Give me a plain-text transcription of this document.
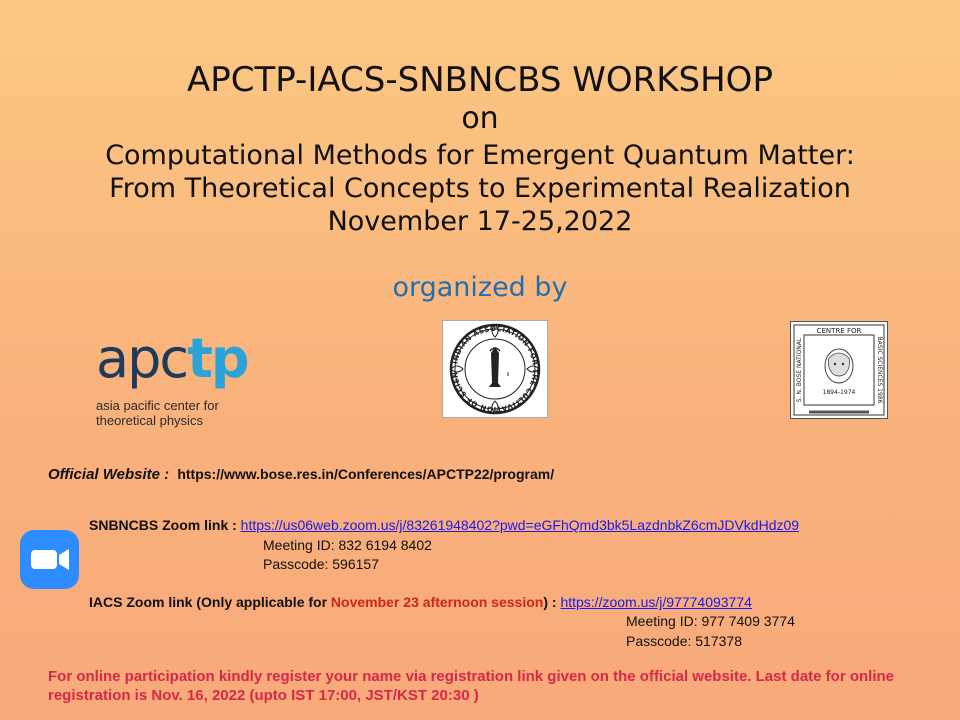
APCTP-IACS-SNBNCBS WORKSHOP
on
Computational Methods for Emergent Quantum Matter:
From Theoretical Concepts to Experimental Realization
November 17-25,2022
organized by
apctp
asia pacific center for
theoretical physics
INDIAN ASSOCIATION FOR THE CULTIVATION OF SCIEN	॥
CENTRE FOR
S. N. BOSE NATIONAL	BASIC SCIENCES 1986
1894-1974
Official Website : https://www.bose.res.in/Conferences/APCTP22/program/
SNBNCBS Zoom link : https://us06web.zoom.us/j/83261948402?pwd=eGFhQmd3bk5LazdnbkZ6cmJDVkdHdz09
Meeting ID: 832 6194 8402
Passcode: 596157
IACS Zoom link (Only applicable for November 23 afternoon session) : https://zoom.us/j/97774093774
Meeting ID: 977 7409 3774
Passcode: 517378
For online participation kindly register your name via registration link given on the official website. Last date for online registration is Nov. 16, 2022 (upto IST 17:00, JST/KST 20:30 )
